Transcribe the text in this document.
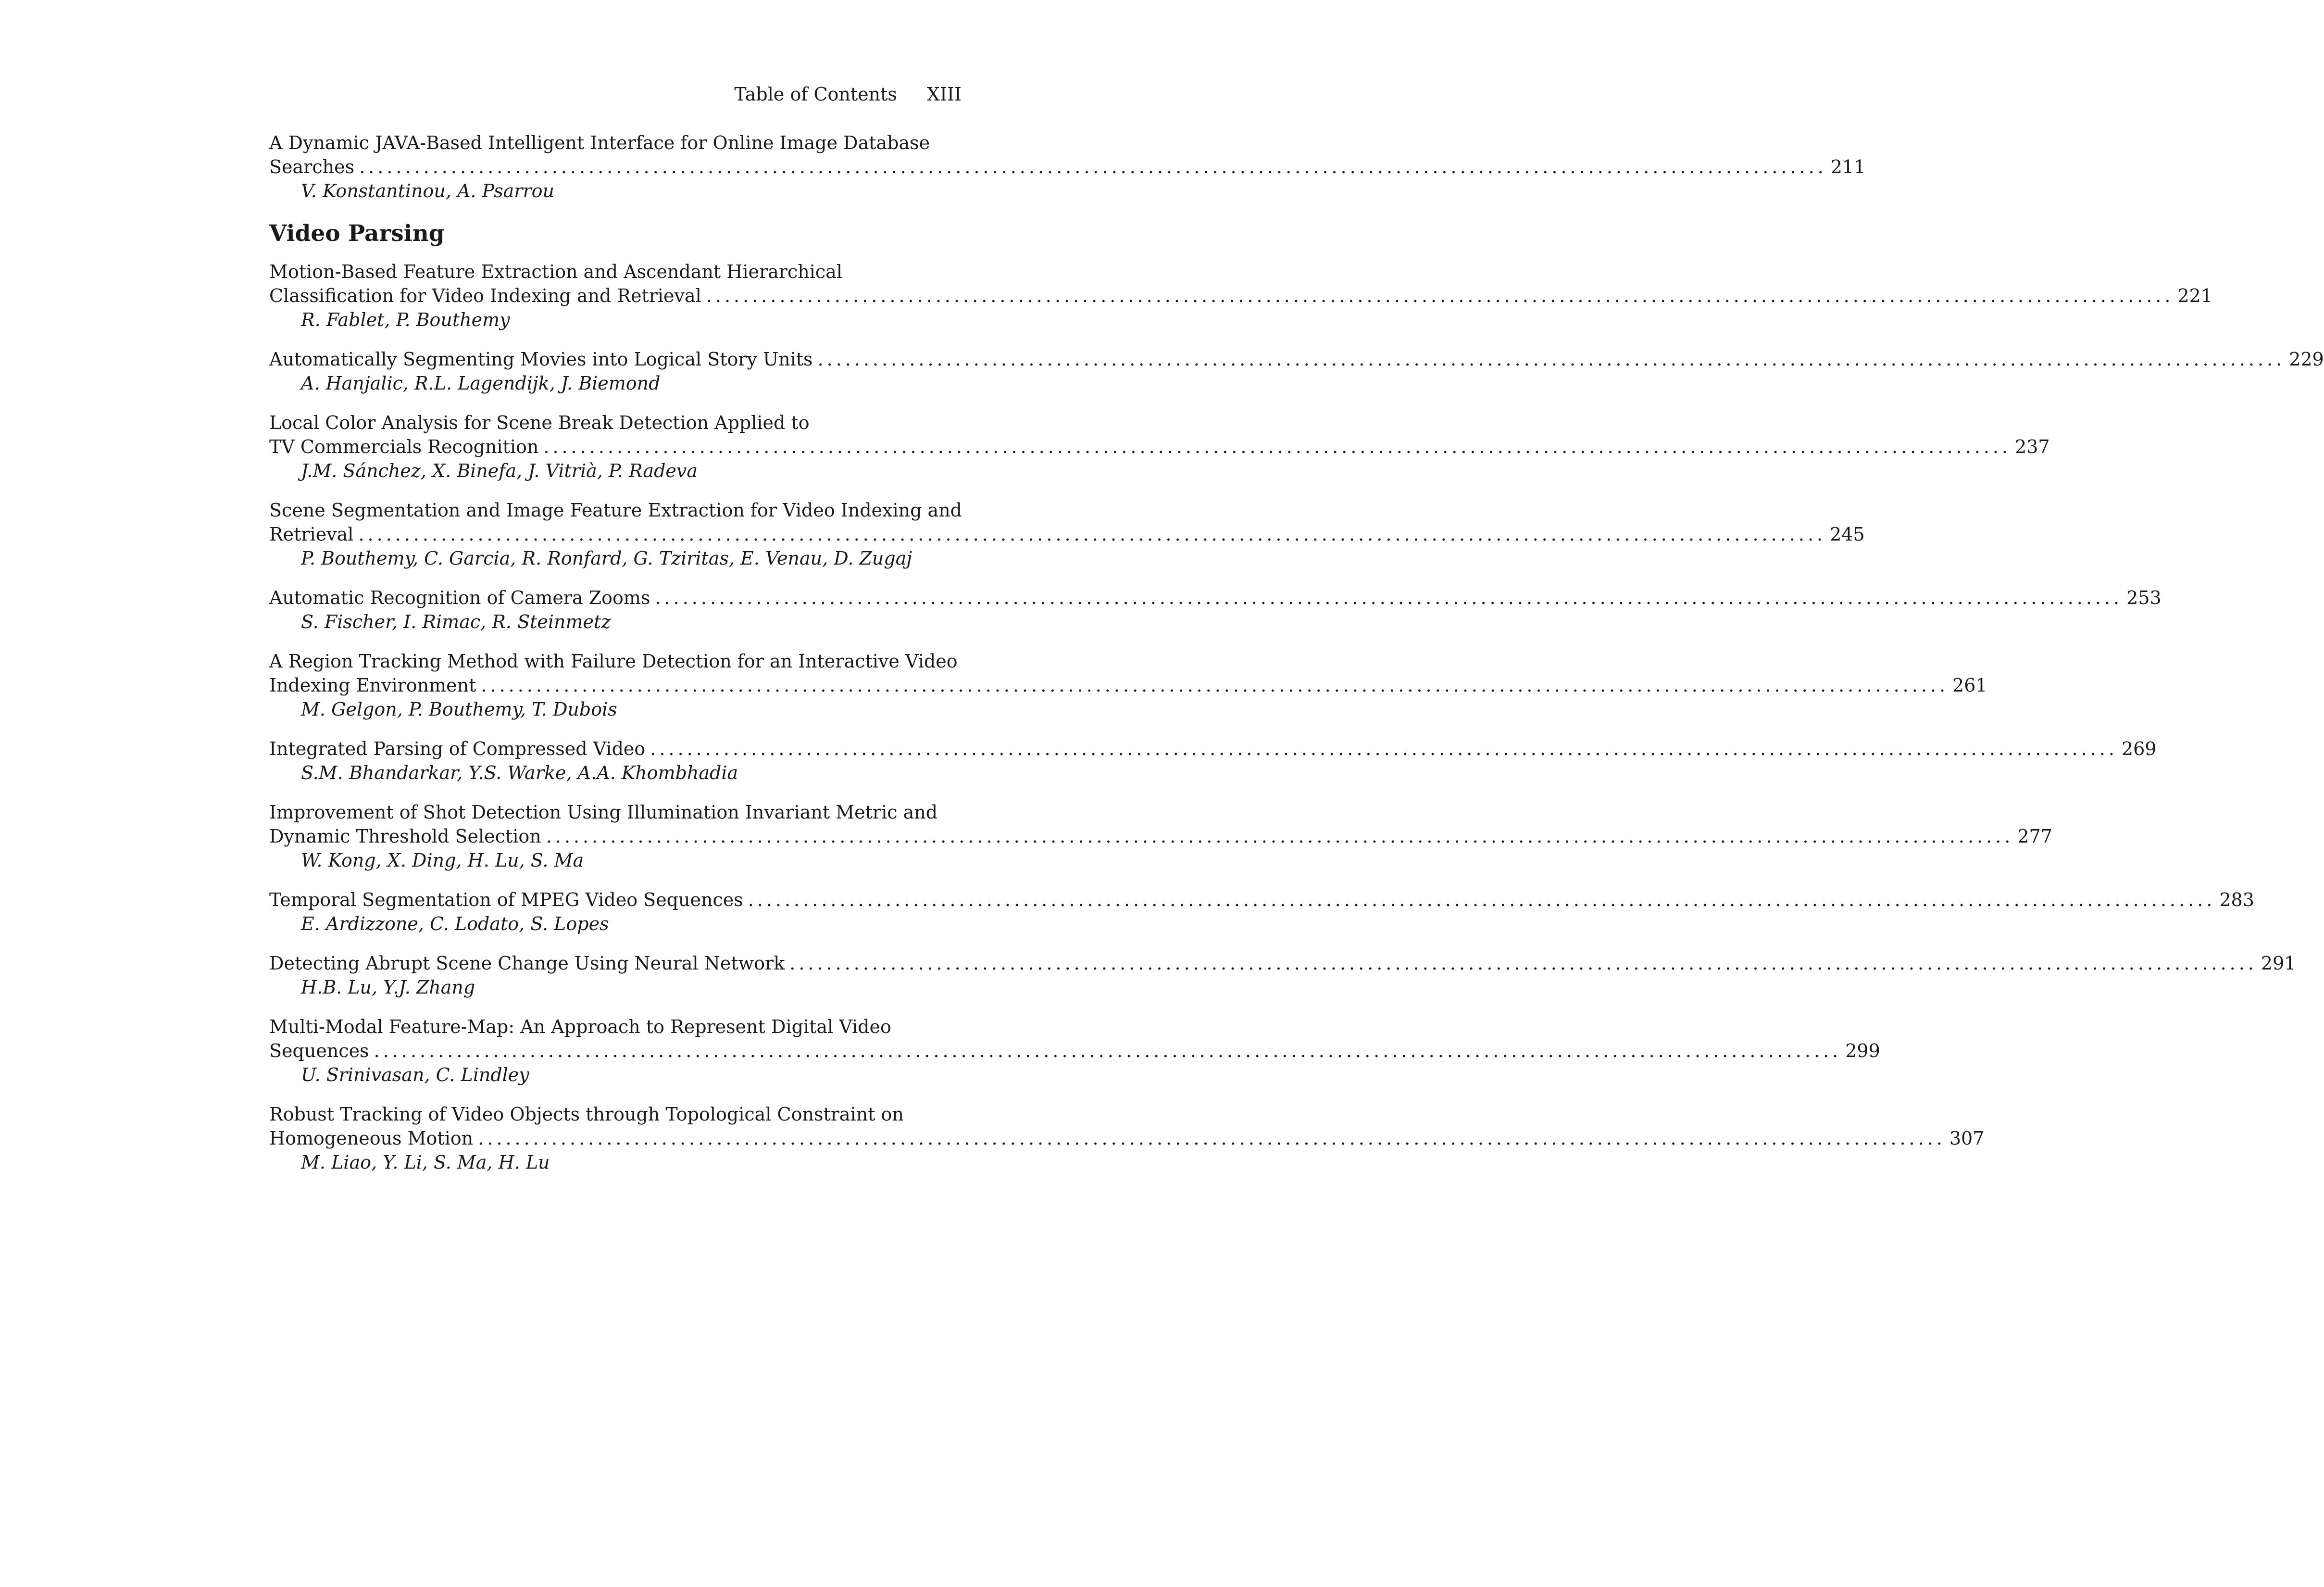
Table of Contents XIII
A Dynamic JAVA-Based Intelligent Interface for Online Image Database
Searches ................................................................................................................................................................ 211
V. Konstantinou, A. Psarrou
Video Parsing
Motion-Based Feature Extraction and Ascendant Hierarchical
Classification for Video Indexing and Retrieval ................................................................................................................................................................ 221
R. Fablet, P. Bouthemy
Automatically Segmenting Movies into Logical Story Units ................................................................................................................................................................ 229
A. Hanjalic, R.L. Lagendijk, J. Biemond
Local Color Analysis for Scene Break Detection Applied to
TV Commercials Recognition ................................................................................................................................................................ 237
J.M. Sánchez, X. Binefa, J. Vitrià, P. Radeva
Scene Segmentation and Image Feature Extraction for Video Indexing and
Retrieval ................................................................................................................................................................ 245
P. Bouthemy, C. Garcia, R. Ronfard, G. Tziritas, E. Venau, D. Zugaj
Automatic Recognition of Camera Zooms ................................................................................................................................................................ 253
S. Fischer, I. Rimac, R. Steinmetz
A Region Tracking Method with Failure Detection for an Interactive Video
Indexing Environment ................................................................................................................................................................ 261
M. Gelgon, P. Bouthemy, T. Dubois
Integrated Parsing of Compressed Video ................................................................................................................................................................ 269
S.M. Bhandarkar, Y.S. Warke, A.A. Khombhadia
Improvement of Shot Detection Using Illumination Invariant Metric and
Dynamic Threshold Selection ................................................................................................................................................................ 277
W. Kong, X. Ding, H. Lu, S. Ma
Temporal Segmentation of MPEG Video Sequences ................................................................................................................................................................ 283
E. Ardizzone, C. Lodato, S. Lopes
Detecting Abrupt Scene Change Using Neural Network ................................................................................................................................................................ 291
H.B. Lu, Y.J. Zhang
Multi-Modal Feature-Map: An Approach to Represent Digital Video
Sequences ................................................................................................................................................................ 299
U. Srinivasan, C. Lindley
Robust Tracking of Video Objects through Topological Constraint on
Homogeneous Motion ................................................................................................................................................................ 307
M. Liao, Y. Li, S. Ma, H. Lu
